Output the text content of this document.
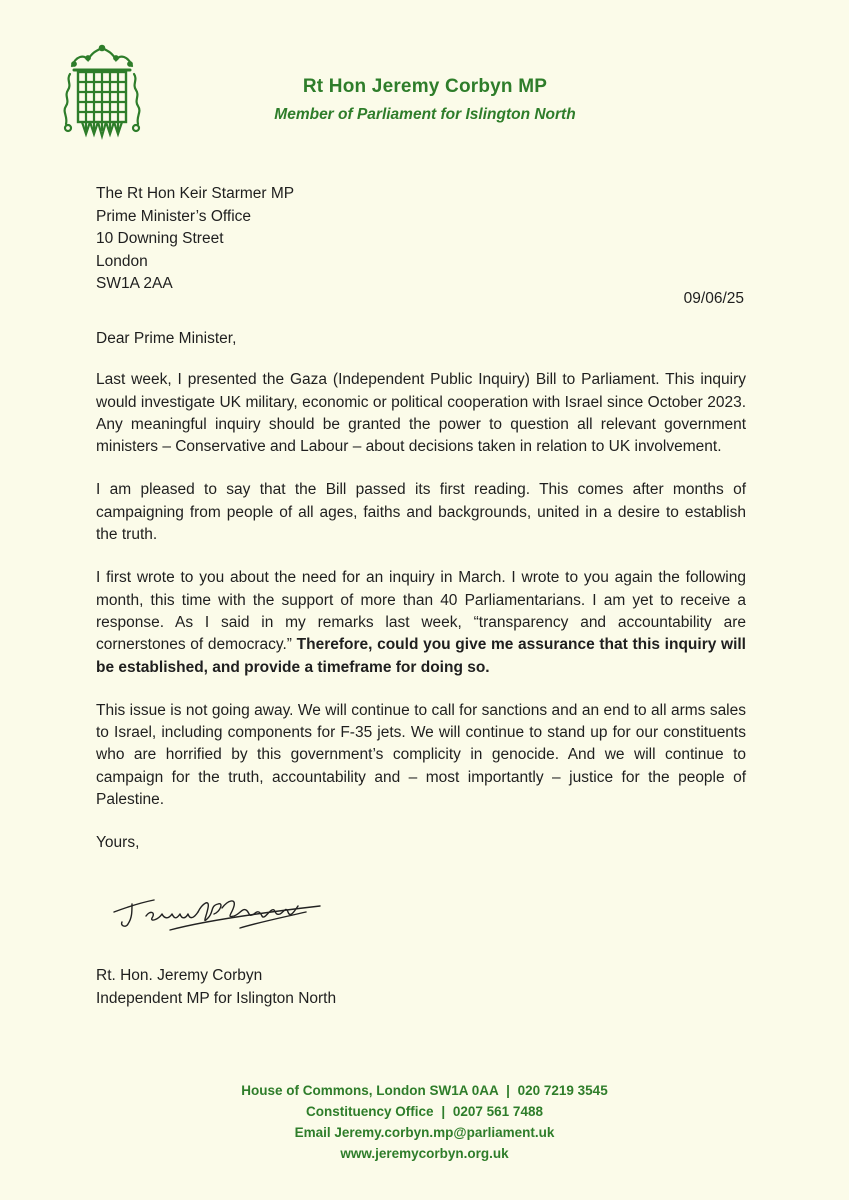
Rt Hon Jeremy Corbyn MP
Member of Parliament for Islington North
The Rt Hon Keir Starmer MP
Prime Minister’s Office
10 Downing Street
London
SW1A 2AA
09/06/25

Dear Prime Minister,

Last week, I presented the Gaza (Independent Public Inquiry) Bill to Parliament. This inquiry would investigate UK military, economic or political cooperation with Israel since October 2023. Any meaningful inquiry should be granted the power to question all relevant government ministers – Conservative and Labour – about decisions taken in relation to UK involvement.

I am pleased to say that the Bill passed its first reading. This comes after months of campaigning from people of all ages, faiths and backgrounds, united in a desire to establish the truth.

I first wrote to you about the need for an inquiry in March. I wrote to you again the following month, this time with the support of more than 40 Parliamentarians. I am yet to receive a response. As I said in my remarks last week, “transparency and accountability are cornerstones of democracy.” Therefore, could you give me assurance that this inquiry will be established, and provide a timeframe for doing so.

This issue is not going away. We will continue to call for sanctions and an end to all arms sales to Israel, including components for F-35 jets. We will continue to stand up for our constituents who are horrified by this government’s complicity in genocide. And we will continue to campaign for the truth, accountability and – most importantly – justice for the people of Palestine.

Yours,

Rt. Hon. Jeremy Corbyn
Independent MP for Islington North
House of Commons, London SW1A 0AA | 020 7219 3545
Constituency Office | 0207 561 7488
Email Jeremy.corbyn.mp@parliament.uk
www.jeremycorbyn.org.uk
